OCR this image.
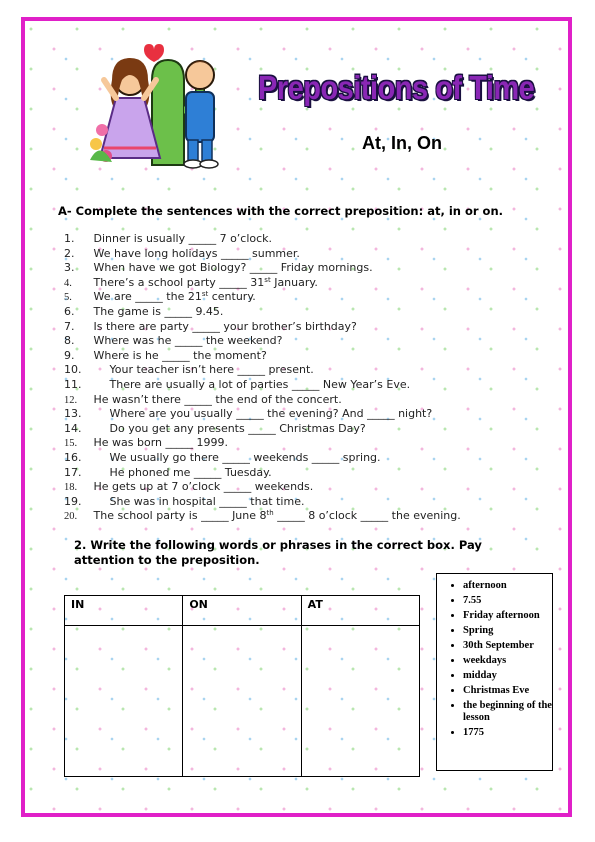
Prepositions of Time
At, In, On
A- Complete the sentences with the correct preposition: at, in or on.
1. Dinner is usually _____ 7 o’clock.
2. We have long holidays _____ summer.
3. When have we got Biology? _____ Friday mornings.
4. There’s a school party _____ 31st January.
5. We are _____ the 21st century.
6. The game is _____ 9.45.
7. Is there are party _____ your brother’s birthday?
8. Where was he _____ the weekend?
9. Where is he _____ the moment?
10.	Your teacher isn’t here _____ present.
11.	There are usually a lot of parties _____ New Year’s Eve.
12. He wasn’t there _____ the end of the concert.
13.	Where are you usually _____ the evening? And _____ night?
14.	Do you get any presents _____ Christmas Day?
15. He was born _____ 1999.
16.	We usually go there _____ weekends _____ spring.
17.	He phoned me _____ Tuesday.
18. He gets up at 7 o’clock _____ weekends.
19.	She was in hospital _____ that time.
20. The school party is _____ June 8th _____ 8 o’clock _____ the evening.
2. Write the following words or phrases in the correct box. Pay attention to the preposition.
IN	ON	AT

• afternoon
• 7.55
• Friday afternoon
• Spring
• 30th September
• weekdays
• midday
• Christmas Eve
• the beginning of the lesson
• 1775
